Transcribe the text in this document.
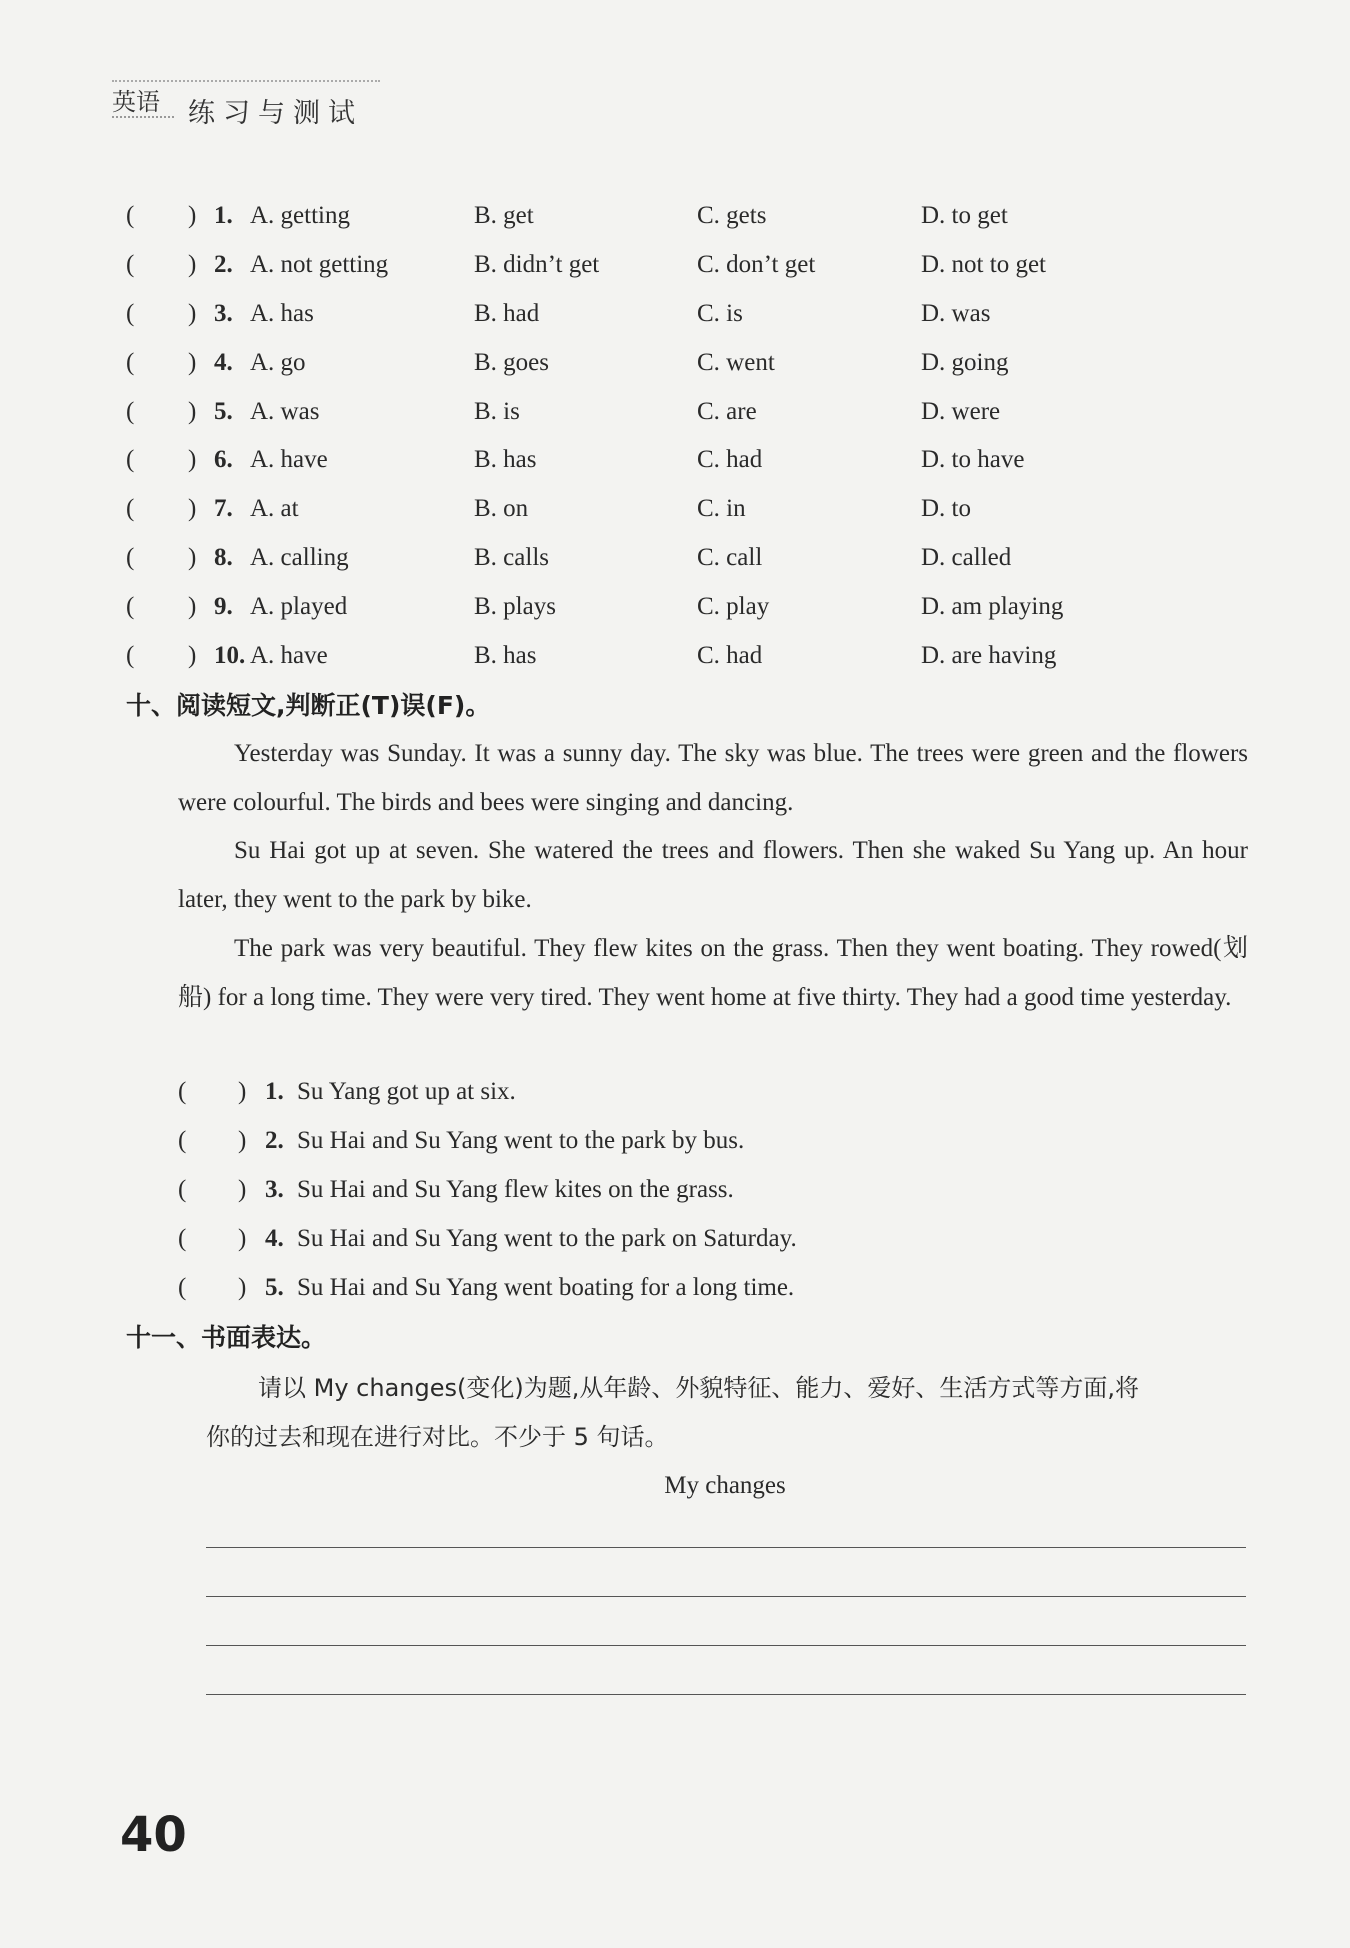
英语	练习与测试
( ) 1. A. getting	B. get	C. gets	D. to get
( ) 2. A. not getting	B. didn’t get	C. don’t get	D. not to get
( ) 3. A. has	B. had	C. is	D. was
( ) 4. A. go	B. goes	C. went	D. going
( ) 5. A. was	B. is	C. are	D. were
( ) 6. A. have	B. has	C. had	D. to have
( ) 7. A. at	B. on	C. in	D. to
( ) 8. A. calling	B. calls	C. call	D. called
( ) 9. A. played	B. plays	C. play	D. am playing
( ) 10. A. have	B. has	C. had	D. are having
十、阅读短文,判断正(T)误(F)。

Yesterday was Sunday. It was a sunny day. The sky was blue. The trees were green and the flowers were colourful. The birds and bees were singing and dancing.

Su Hai got up at seven. She watered the trees and flowers. Then she waked Su Yang up. An hour later, they went to the park by bike.

The park was very beautiful. They flew kites on the grass. Then they went boating. They rowed(划船) for a long time. They were very tired. They went home at five thirty. They had a good time yesterday.

( ) 1. Su Yang got up at six.
( ) 2. Su Hai and Su Yang went to the park by bus.
( ) 3. Su Hai and Su Yang flew kites on the grass.
( ) 4. Su Hai and Su Yang went to the park on Saturday.
( ) 5. Su Hai and Su Yang went boating for a long time.
十一、书面表达。
请以 My changes(变化)为题,从年龄、外貌特征、能力、爱好、生活方式等方面,将
你的过去和现在进行对比。不少于 5 句话。
My changes
40
